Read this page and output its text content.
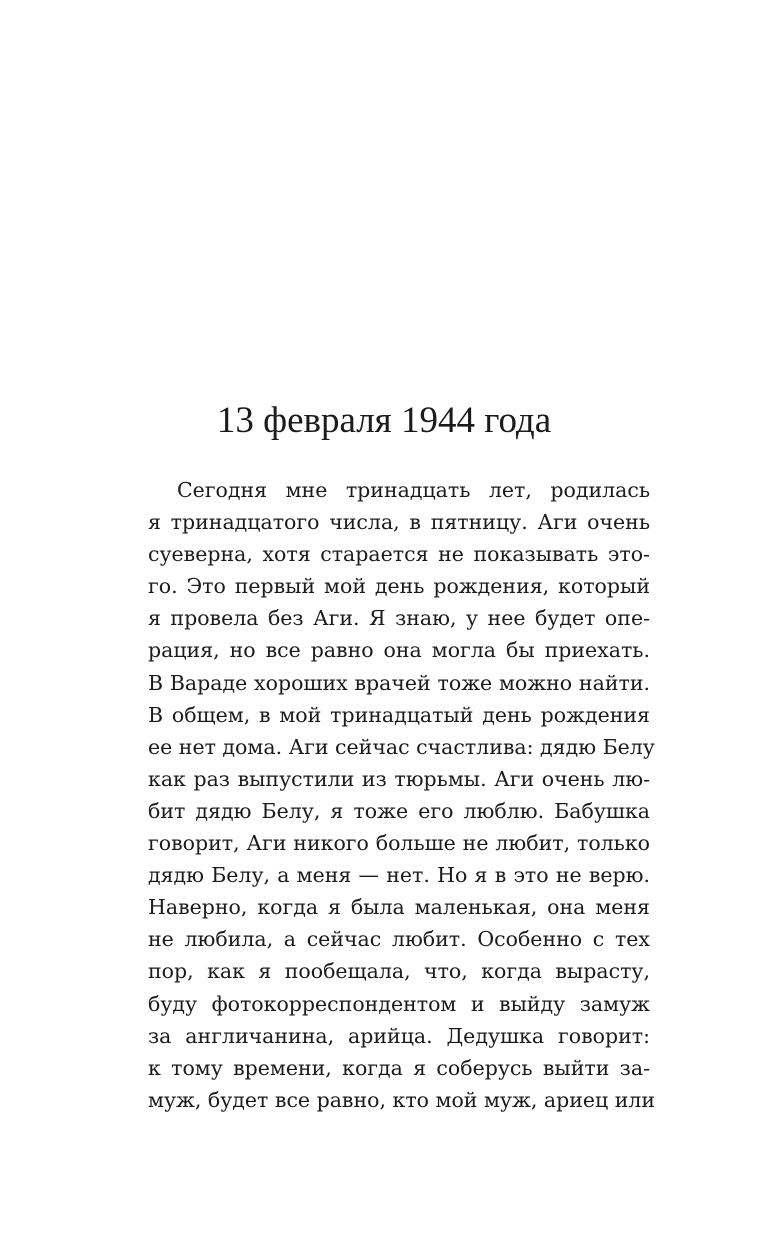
13 февраля 1944 года
Сегодня мне тринадцать лет, родилась
я тринадцатого числа, в пятницу. Аги очень
суеверна, хотя старается не показывать это-
го. Это первый мой день рождения, который
я провела без Аги. Я знаю, у нее будет опе-
рация, но все равно она могла бы приехать.
В Вараде хороших врачей тоже можно найти.
В общем, в мой тринадцатый день рождения
ее нет дома. Аги сейчас счастлива: дядю Белу
как раз выпустили из тюрьмы. Аги очень лю-
бит дядю Белу, я тоже его люблю. Бабушка
говорит, Аги никого больше не любит, только
дядю Белу, а меня — нет. Но я в это не верю.
Наверно, когда я была маленькая, она меня
не любила, а сейчас любит. Особенно с тех
пор, как я пообещала, что, когда вырасту,
буду фотокорреспондентом и выйду замуж
за англичанина, арийца. Дедушка говорит:
к тому времени, когда я соберусь выйти за-
муж, будет все равно, кто мой муж, ариец или
